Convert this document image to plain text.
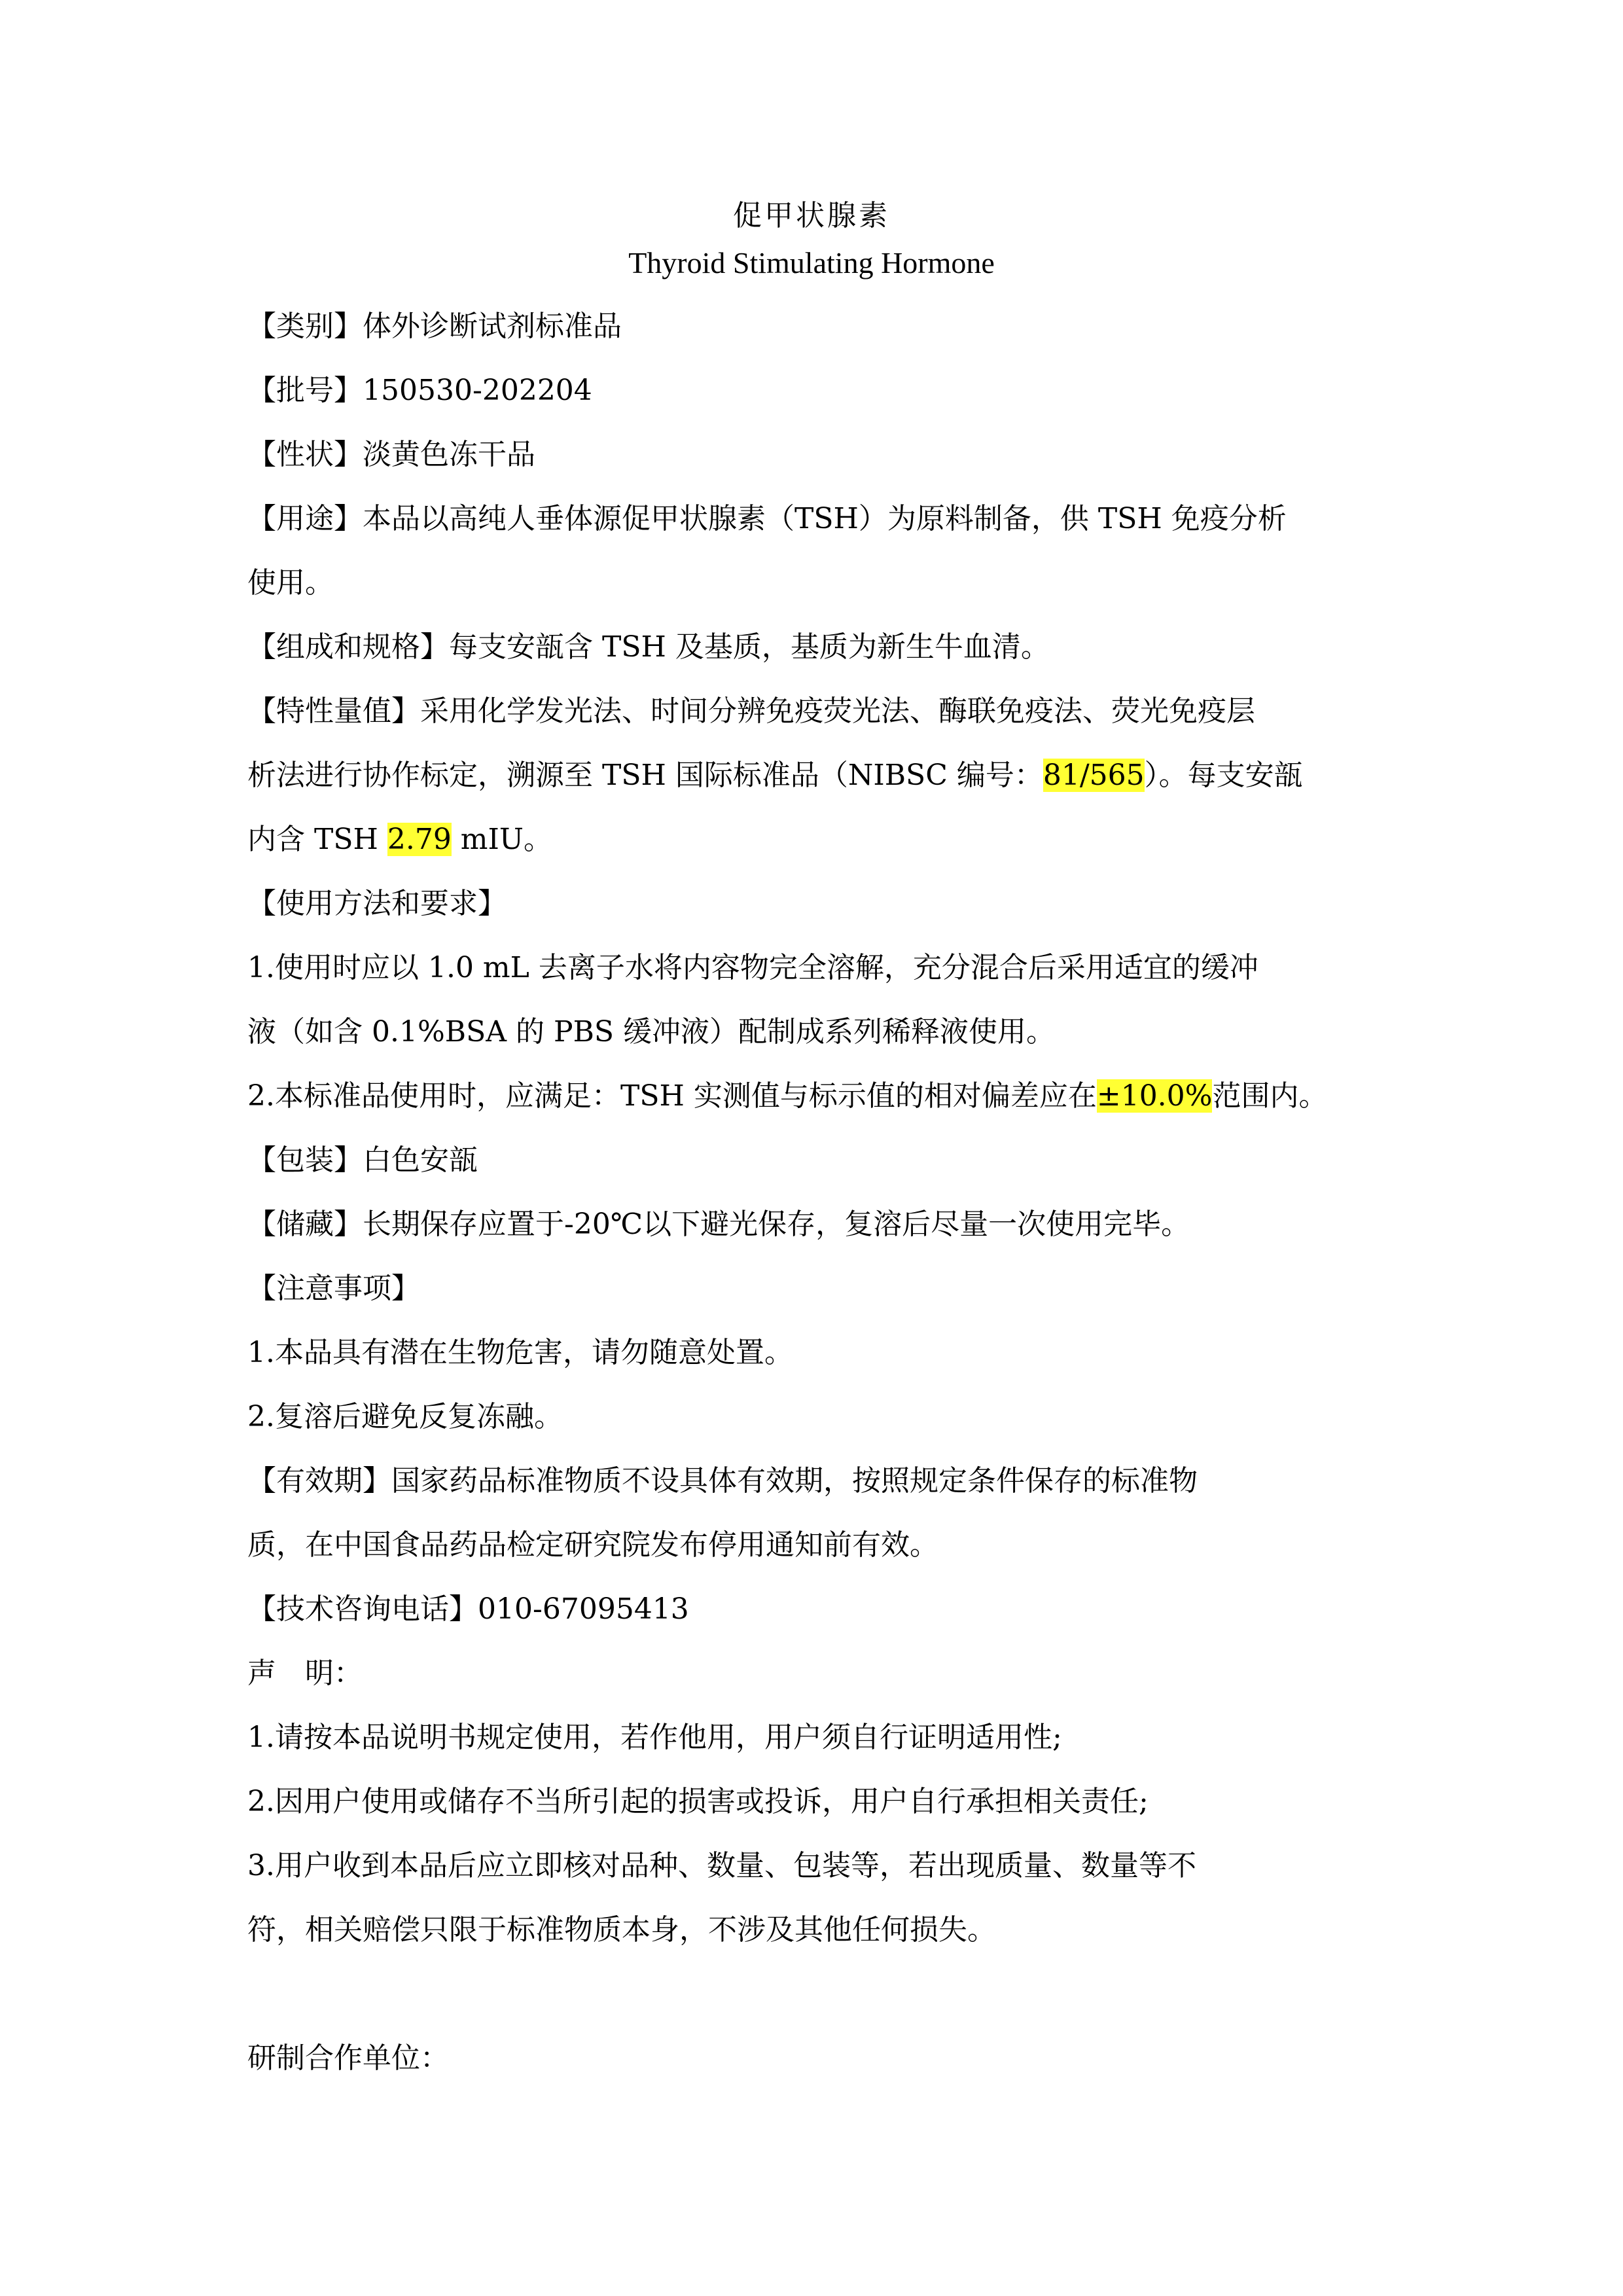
促甲状腺素
Thyroid Stimulating Hormone
【类别】体外诊断试剂标准品
【批号】150530-202204
【性状】淡黄色冻干品
【用途】本品以高纯人垂体源促甲状腺素（TSH）为原料制备，供 TSH 免疫分析
使用。
【组成和规格】每支安瓿含 TSH 及基质，基质为新生牛血清。
【特性量值】采用化学发光法、时间分辨免疫荧光法、酶联免疫法、荧光免疫层
析法进行协作标定，溯源至 TSH 国际标准品（NIBSC 编号：81/565）。每支安瓿
内含 TSH 2.79 mIU。
【使用方法和要求】
1.使用时应以 1.0 mL 去离子水将内容物完全溶解，充分混合后采用适宜的缓冲
液（如含 0.1%BSA 的 PBS 缓冲液）配制成系列稀释液使用。
2.本标准品使用时，应满足：TSH 实测值与标示值的相对偏差应在±10.0%范围内。
【包装】白色安瓿
【储藏】长期保存应置于-20℃以下避光保存，复溶后尽量一次使用完毕。
【注意事项】
1.本品具有潜在生物危害，请勿随意处置。
2.复溶后避免反复冻融。
【有效期】国家药品标准物质不设具体有效期，按照规定条件保存的标准物
质，在中国食品药品检定研究院发布停用通知前有效。
【技术咨询电话】010-67095413
声　明：
1.请按本品说明书规定使用，若作他用，用户须自行证明适用性;
2.因用户使用或储存不当所引起的损害或投诉，用户自行承担相关责任;
3.用户收到本品后应立即核对品种、数量、包装等，若出现质量、数量等不
符，相关赔偿只限于标准物质本身，不涉及其他任何损失。
研制合作单位：
